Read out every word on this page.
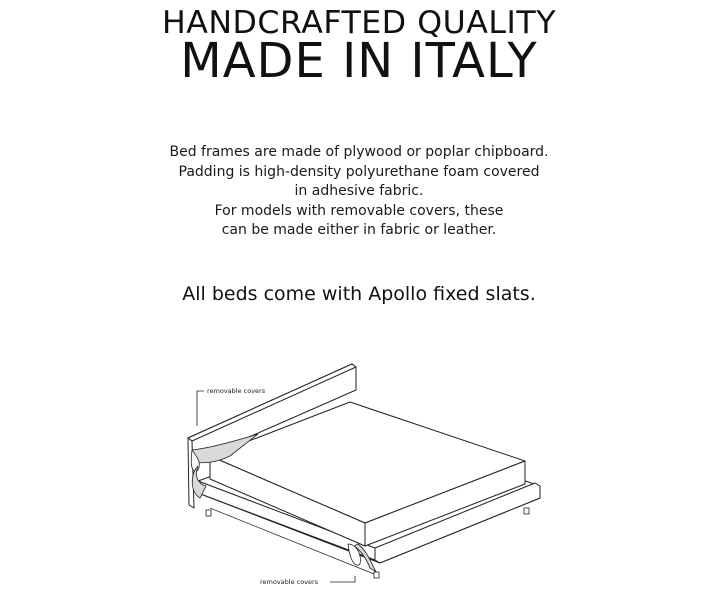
HANDCRAFTED QUALITY
MADE IN ITALY
Bed frames are made of plywood or poplar chipboard.
Padding is high-density polyurethane foam covered
in adhesive fabric.
For models with removable covers, these
can be made either in fabric or leather.
All beds come with Apollo fixed slats.
removable covers
removable covers
